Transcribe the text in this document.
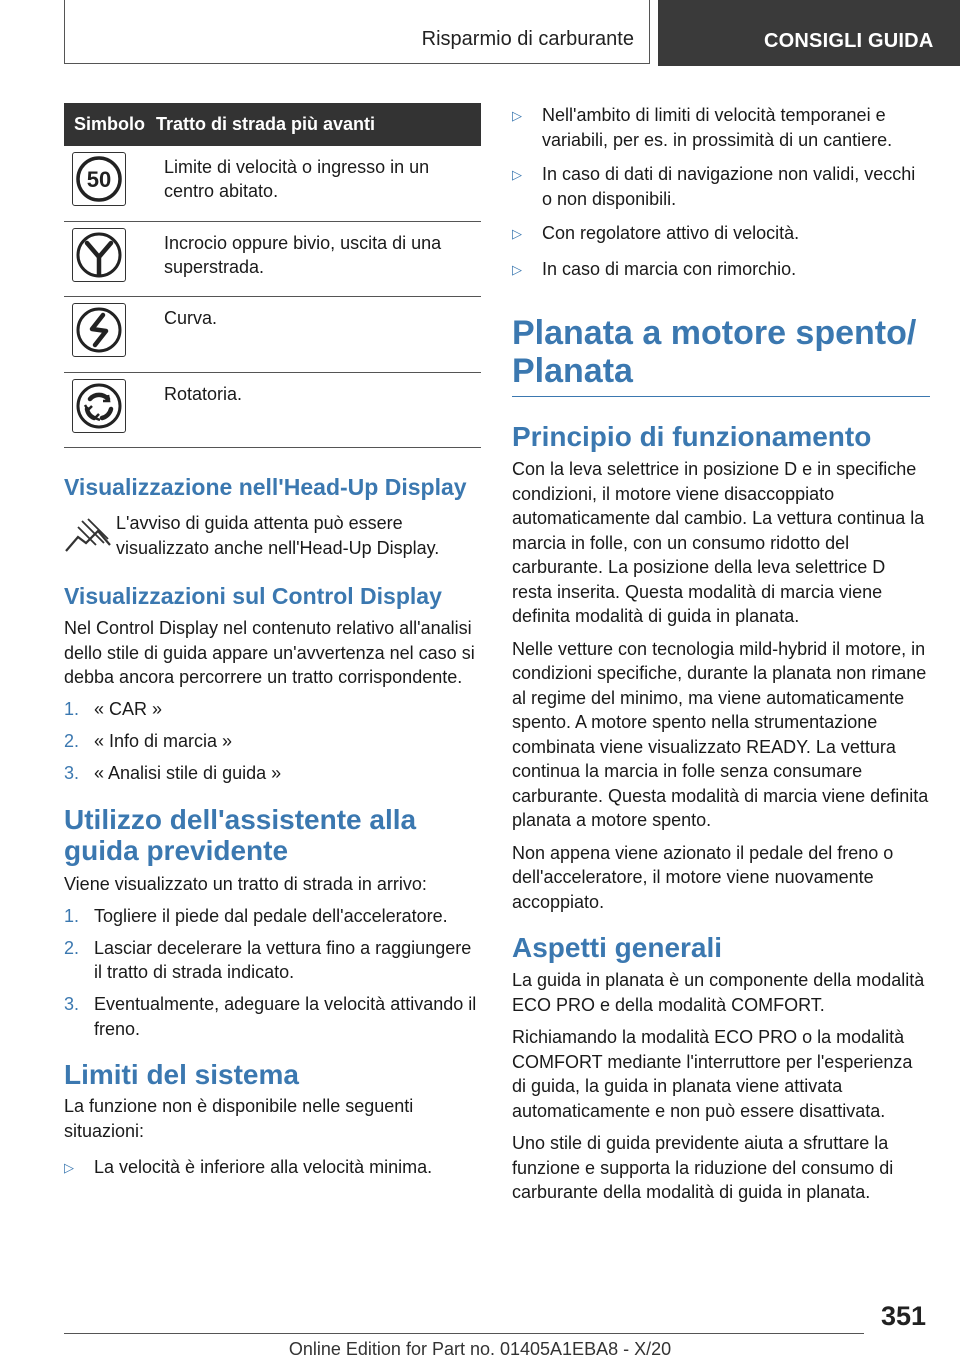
Risparmio di carburante	CONSIGLI GUIDA
Simbolo Tratto di strada più avanti
50	Limite di velocità o ingresso in un centro abitato.
Incrocio oppure bivio, uscita di una superstrada.
Curva.
Rotatoria.
Visualizzazione nell'Head-Up Display

L'avviso di guida attenta può essere visualizzato anche nell'Head-Up Display.

Visualizzazioni sul Control Display

Nel Control Display nel contenuto relativo all'analisi dello stile di guida appare un'avvertenza nel caso si debba ancora percorrere un tratto corrispondente.

1. « CAR »
2. « Info di marcia »
3. « Analisi stile di guida »
Utilizzo dell'assistente alla guida previdente

Viene visualizzato un tratto di strada in arrivo:

1. Togliere il piede dal pedale dell'acceleratore.
2. Lasciar decelerare la vettura fino a raggiungere il tratto di strada indicato.
3. Eventualmente, adeguare la velocità attivando il freno.
Limiti del sistema

La funzione non è disponibile nelle seguenti situazioni:

▷	La velocità è inferiore alla velocità minima.
▷	Nell'ambito di limiti di velocità temporanei e variabili, per es. in prossimità di un cantiere.
▷	In caso di dati di navigazione non validi, vecchi o non disponibili.
▷	Con regolatore attivo di velocità.
▷	In caso di marcia con rimorchio.
Planata a motore spento/ Planata
Principio di funzionamento

Con la leva selettrice in posizione D e in specifiche condizioni, il motore viene disaccoppiato automaticamente dal cambio. La vettura continua la marcia in folle, con un consumo ridotto del carburante. La posizione della leva selettrice D resta inserita. Questa modalità di marcia viene definita modalità di guida in planata.

Nelle vetture con tecnologia mild-hybrid il motore, in condizioni specifiche, durante la planata non rimane al regime del minimo, ma viene automaticamente spento. A motore spento nella strumentazione combinata viene visualizzato READY. La vettura continua la marcia in folle senza consumare carburante. Questa modalità di marcia viene definita planata a motore spento.

Non appena viene azionato il pedale del freno o dell'acceleratore, il motore viene nuovamente accoppiato.

Aspetti generali

La guida in planata è un componente della modalità ECO PRO e della modalità COMFORT.

Richiamando la modalità ECO PRO o la modalità COMFORT mediante l'interruttore per l'esperienza di guida, la guida in planata viene attivata automaticamente e non può essere disattivata.

Uno stile di guida previdente aiuta a sfruttare la funzione e supporta la riduzione del consumo di carburante della modalità di guida in planata.

351
Online Edition for Part no. 01405A1EBA8 - X/20
